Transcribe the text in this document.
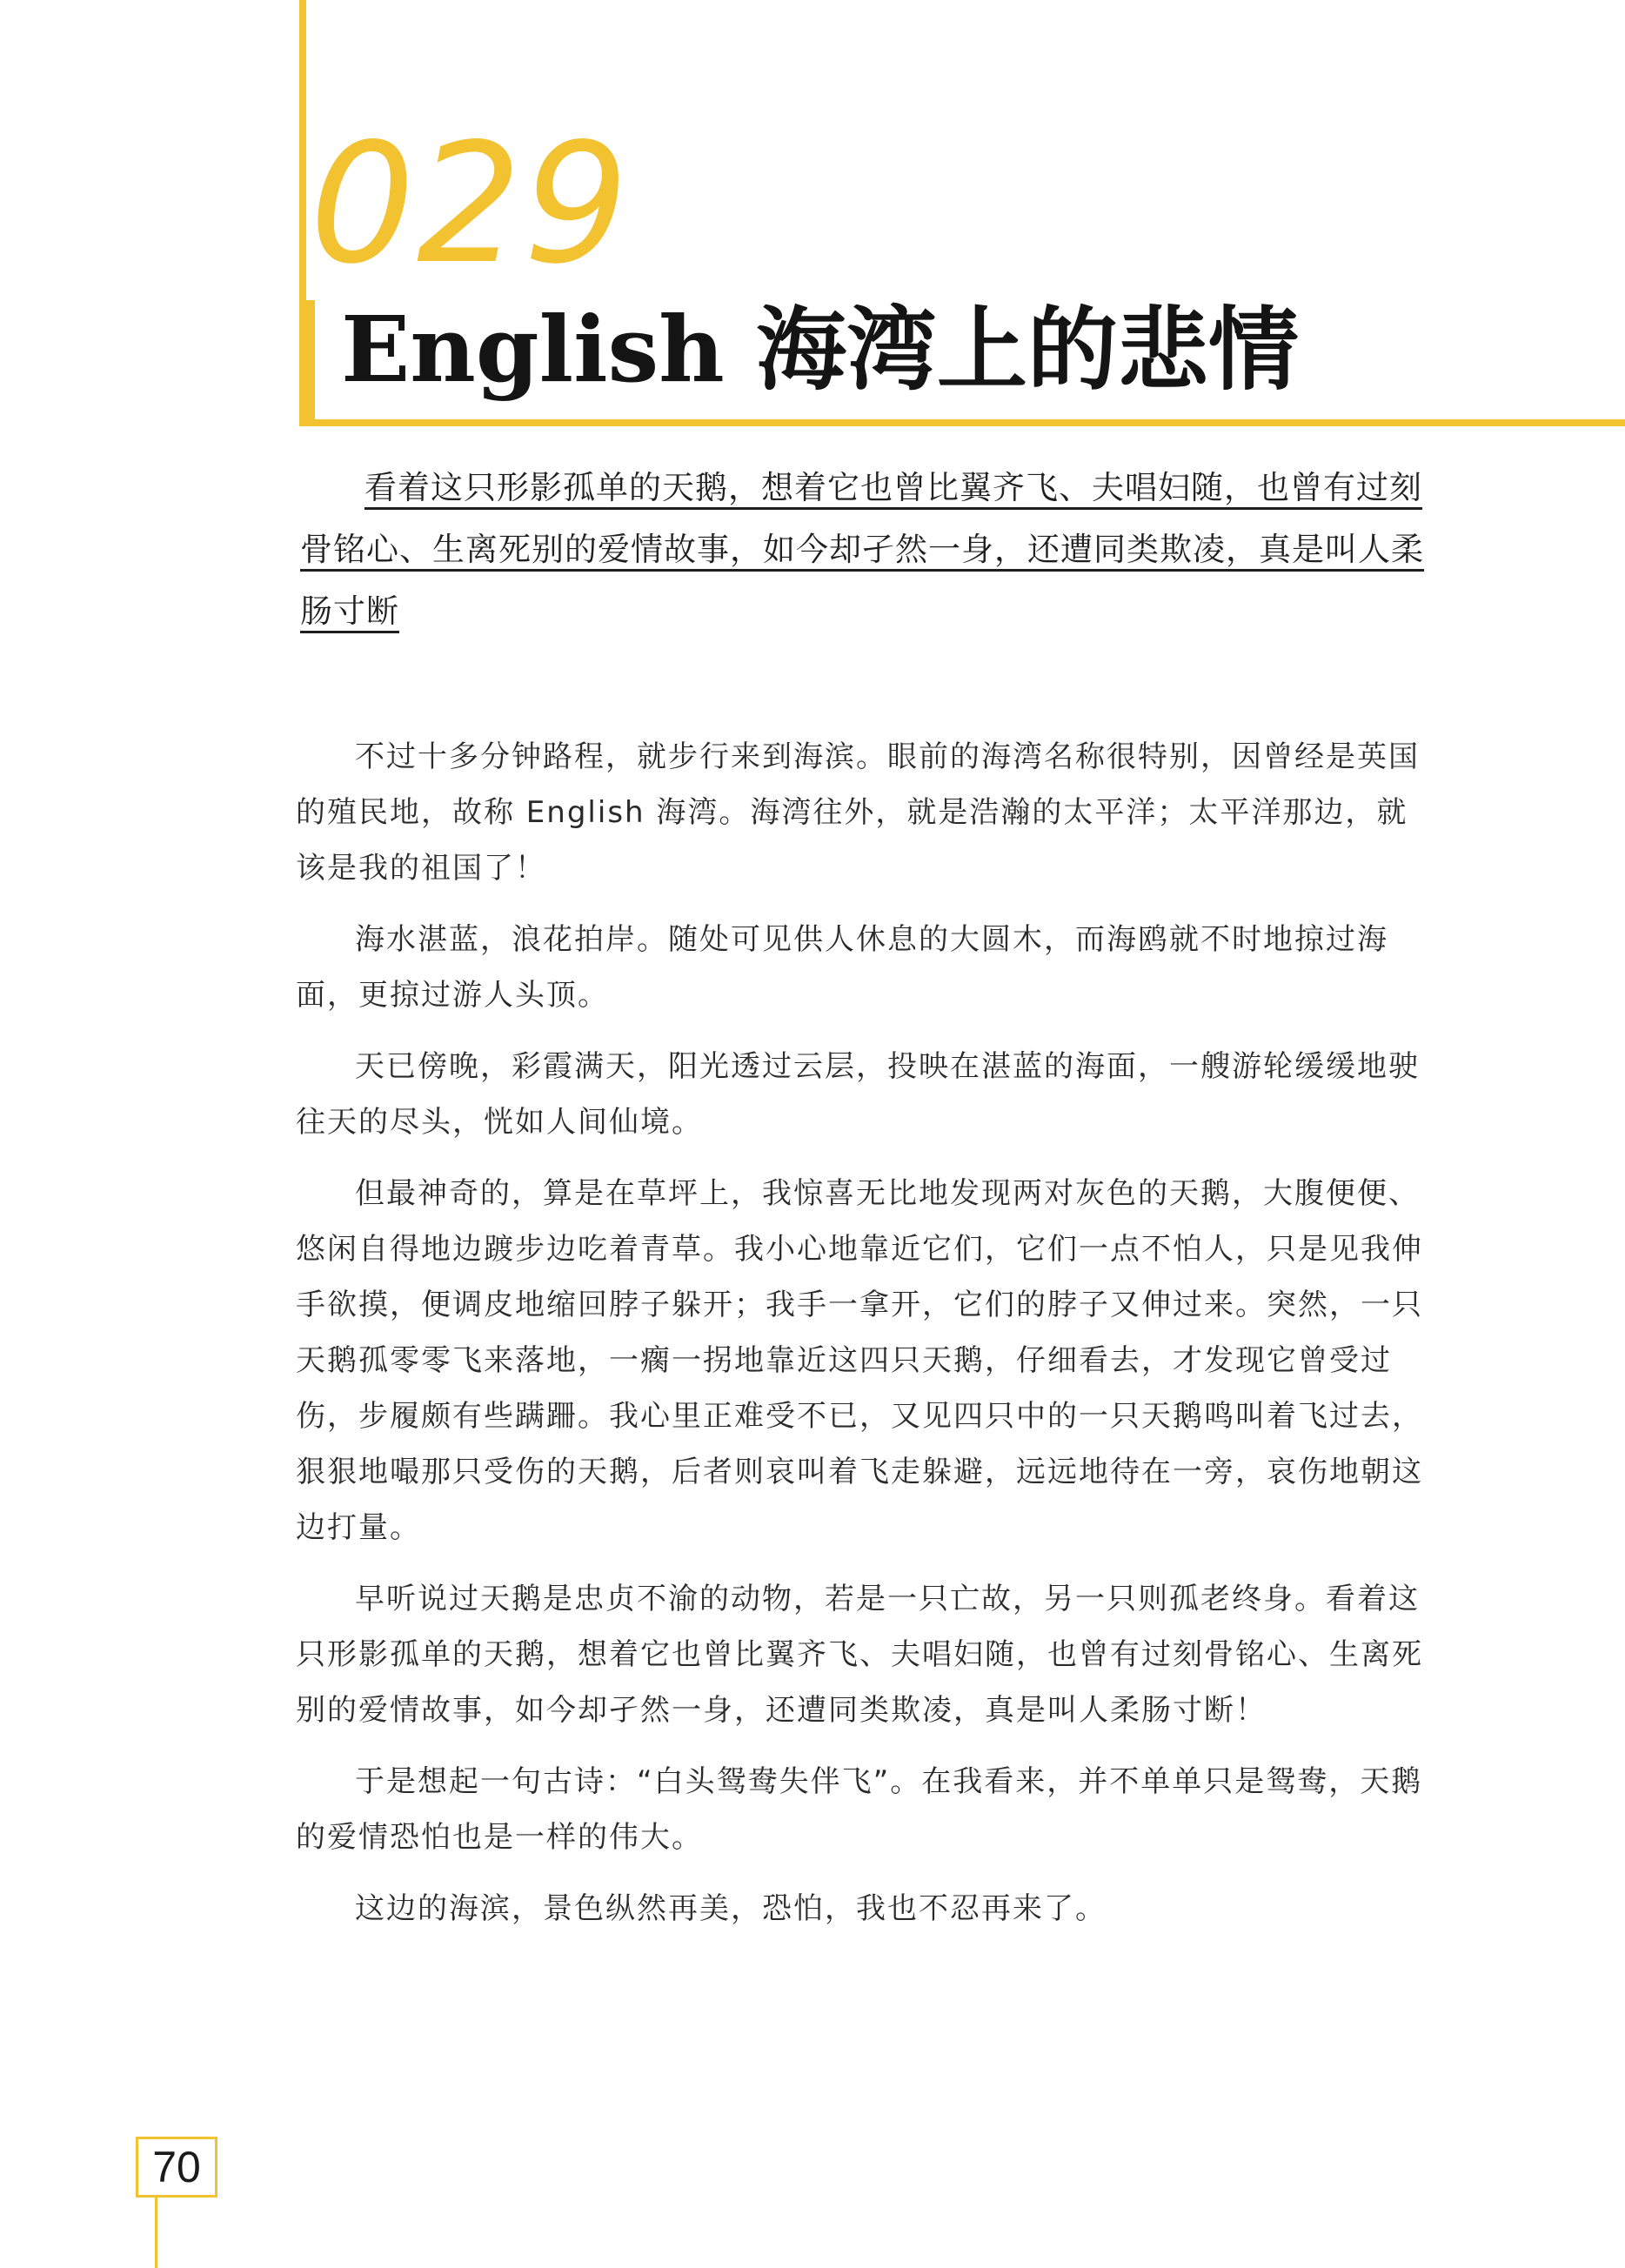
029
English 海湾上的悲情
看着这只形影孤单的天鹅，想着它也曾比翼齐飞、夫唱妇随，也曾有过刻骨铭心、生离死别的爱情故事，如今却孑然一身，还遭同类欺凌，真是叫人柔肠寸断

不过十多分钟路程，就步行来到海滨。眼前的海湾名称很特别，因曾经是英国的殖民地，故称 English 海湾。海湾往外，就是浩瀚的太平洋；太平洋那边，就该是我的祖国了！

海水湛蓝，浪花拍岸。随处可见供人休息的大圆木，而海鸥就不时地掠过海面，更掠过游人头顶。

天已傍晚，彩霞满天，阳光透过云层，投映在湛蓝的海面，一艘游轮缓缓地驶往天的尽头，恍如人间仙境。

但最神奇的，算是在草坪上，我惊喜无比地发现两对灰色的天鹅，大腹便便、悠闲自得地边踱步边吃着青草。我小心地靠近它们，它们一点不怕人，只是见我伸手欲摸，便调皮地缩回脖子躲开；我手一拿开，它们的脖子又伸过来。突然，一只天鹅孤零零飞来落地，一瘸一拐地靠近这四只天鹅，仔细看去，才发现它曾受过伤，步履颇有些蹒跚。我心里正难受不已，又见四只中的一只天鹅鸣叫着飞过去，狠狠地嘬那只受伤的天鹅，后者则哀叫着飞走躲避，远远地待在一旁，哀伤地朝这边打量。

早听说过天鹅是忠贞不渝的动物，若是一只亡故，另一只则孤老终身。看着这只形影孤单的天鹅，想着它也曾比翼齐飞、夫唱妇随，也曾有过刻骨铭心、生离死别的爱情故事，如今却孑然一身，还遭同类欺凌，真是叫人柔肠寸断！

于是想起一句古诗：“白头鸳鸯失伴飞”。在我看来，并不单单只是鸳鸯，天鹅的爱情恐怕也是一样的伟大。

这边的海滨，景色纵然再美，恐怕，我也不忍再来了。

70
